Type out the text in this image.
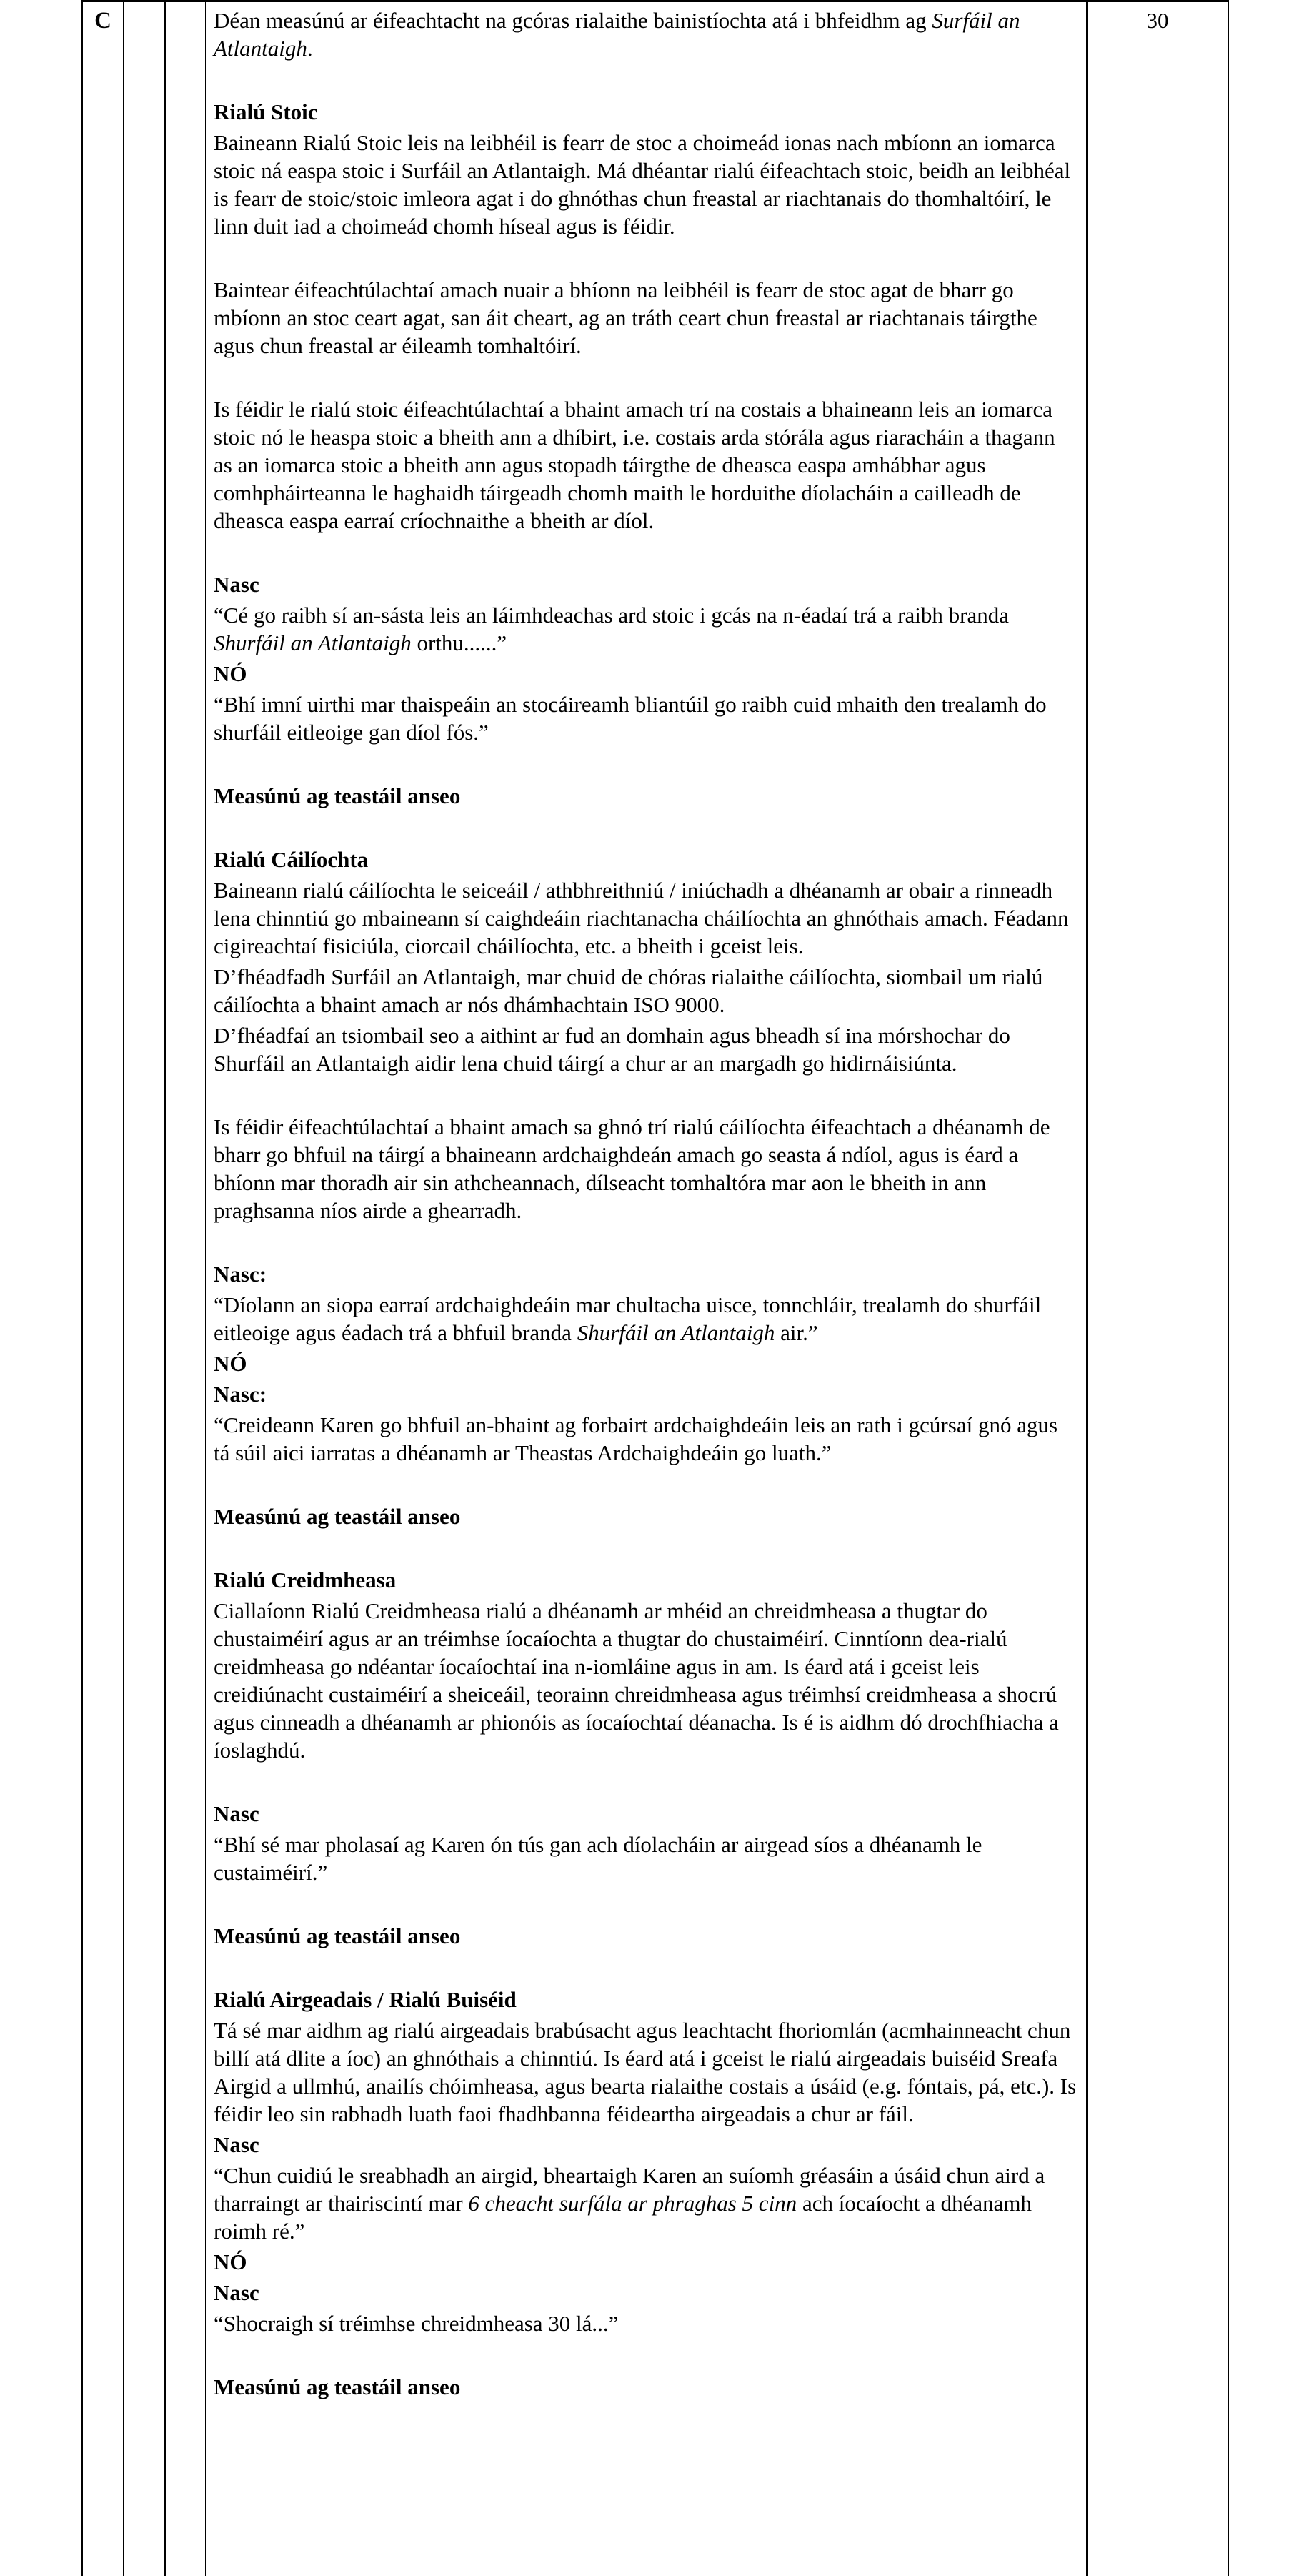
C	Déan measúnú ar éifeachtacht na gcóras rialaithe bainistíochta atá i bhfeidhm ag Surfáil an Atlantaigh.

Rialú Stoic

Baineann Rialú Stoic leis na leibhéil is fearr de stoc a choimeád ionas nach mbíonn an iomarca stoic ná easpa stoic i Surfáil an Atlantaigh. Má dhéantar rialú éifeachtach stoic, beidh an leibhéal is fearr de stoic/stoic imleora agat i do ghnóthas chun freastal ar riachtanais do thomhaltóirí, le linn duit iad a choimeád chomh híseal agus is féidir.

Baintear éifeachtúlachtaí amach nuair a bhíonn na leibhéil is fearr de stoc agat de bharr go mbíonn an stoc ceart agat, san áit cheart, ag an tráth ceart chun freastal ar riachtanais táirgthe agus chun freastal ar éileamh tomhaltóirí.

Is féidir le rialú stoic éifeachtúlachtaí a bhaint amach trí na costais a bhaineann leis an iomarca stoic nó le heaspa stoic a bheith ann a dhíbirt, i.e. costais arda stórála agus riaracháin a thagann as an iomarca stoic a bheith ann agus stopadh táirgthe de dheasca easpa amhábhar agus comhpháirteanna le haghaidh táirgeadh chomh maith le horduithe díolacháin a cailleadh de dheasca easpa earraí críochnaithe a bheith ar díol.

Nasc

“Cé go raibh sí an-sásta leis an láimhdeachas ard stoic i gcás na n-éadaí trá a raibh branda Shurfáil an Atlantaigh orthu......”

NÓ

“Bhí imní uirthi mar thaispeáin an stocáireamh bliantúil go raibh cuid mhaith den trealamh do shurfáil eitleoige gan díol fós.”

Measúnú ag teastáil anseo

Rialú Cáilíochta

Baineann rialú cáilíochta le seiceáil / athbhreithniú / iniúchadh a dhéanamh ar obair a rinneadh lena chinntiú go mbaineann sí caighdeáin riachtanacha cháilíochta an ghnóthais amach. Féadann cigireachtaí fisiciúla, ciorcail cháilíochta, etc. a bheith i gceist leis.

D’fhéadfadh Surfáil an Atlantaigh, mar chuid de chóras rialaithe cáilíochta, siombail um rialú cáilíochta a bhaint amach ar nós dhámhachtain ISO 9000.

D’fhéadfaí an tsiombail seo a aithint ar fud an domhain agus bheadh sí ina mórshochar do Shurfáil an Atlantaigh aidir lena chuid táirgí a chur ar an margadh go hidirnáisiúnta.

Is féidir éifeachtúlachtaí a bhaint amach sa ghnó trí rialú cáilíochta éifeachtach a dhéanamh de bharr go bhfuil na táirgí a bhaineann ardchaighdeán amach go seasta á ndíol, agus is éard a bhíonn mar thoradh air sin athcheannach, dílseacht tomhaltóra mar aon le bheith in ann praghsanna níos airde a ghearradh.

Nasc:

“Díolann an siopa earraí ardchaighdeáin mar chultacha uisce, tonnchláir, trealamh do shurfáil eitleoige agus éadach trá a bhfuil branda Shurfáil an Atlantaigh air.”

NÓ

Nasc:

“Creideann Karen go bhfuil an-bhaint ag forbairt ardchaighdeáin leis an rath i gcúrsaí gnó agus tá súil aici iarratas a dhéanamh ar Theastas Ardchaighdeáin go luath.”

Measúnú ag teastáil anseo

Rialú Creidmheasa

Ciallaíonn Rialú Creidmheasa rialú a dhéanamh ar mhéid an chreidmheasa a thugtar do chustaiméirí agus ar an tréimhse íocaíochta a thugtar do chustaiméirí. Cinntíonn dea-rialú creidmheasa go ndéantar íocaíochtaí ina n-iomláine agus in am. Is éard atá i gceist leis creidiúnacht custaiméirí a sheiceáil, teorainn chreidmheasa agus tréimhsí creidmheasa a shocrú agus cinneadh a dhéanamh ar phionóis as íocaíochtaí déanacha. Is é is aidhm dó drochfhiacha a íoslaghdú.

Nasc

“Bhí sé mar pholasaí ag Karen ón tús gan ach díolacháin ar airgead síos a dhéanamh le custaiméirí.”

Measúnú ag teastáil anseo

Rialú Airgeadais / Rialú Buiséid

Tá sé mar aidhm ag rialú airgeadais brabúsacht agus leachtacht fhoriomlán (acmhainneacht chun billí atá dlite a íoc) an ghnóthais a chinntiú. Is éard atá i gceist le rialú airgeadais buiséid Sreafa Airgid a ullmhú, anailís chóimheasa, agus bearta rialaithe costais a úsáid (e.g. fóntais, pá, etc.). Is féidir leo sin rabhadh luath faoi fhadhbanna féideartha airgeadais a chur ar fáil.

Nasc

“Chun cuidiú le sreabhadh an airgid, bheartaigh Karen an suíomh gréasáin a úsáid chun aird a tharraingt ar thairiscintí mar 6 cheacht surfála ar phraghas 5 cinn ach íocaíocht a dhéanamh roimh ré.”

NÓ

Nasc

“Shocraigh sí tréimhse chreidmheasa 30 lá...”

Measúnú ag teastáil anseo

30
